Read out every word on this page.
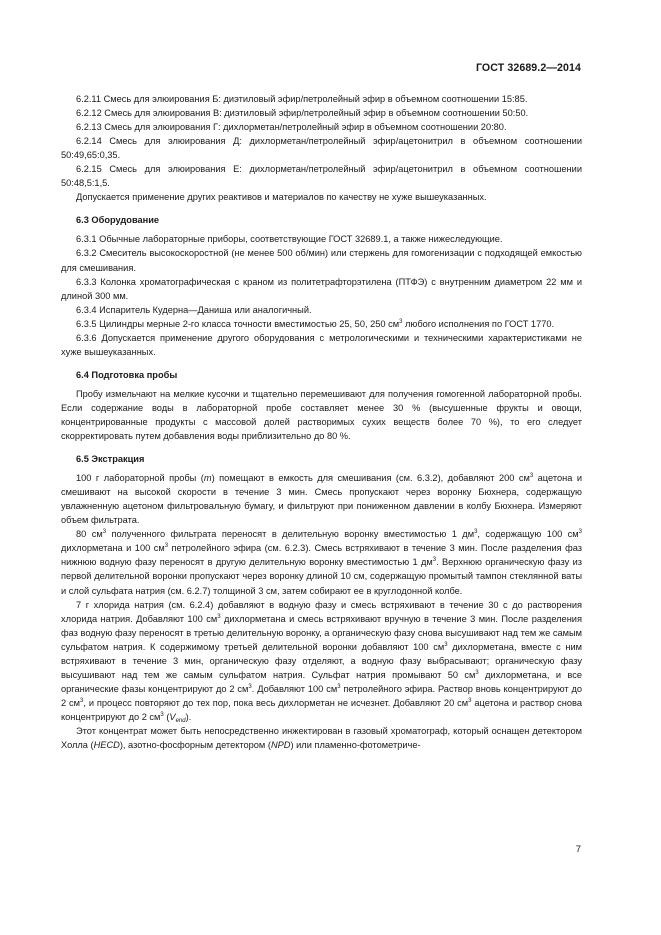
ГОСТ 32689.2—2014

6.2.11 Смесь для элюирования Б: диэтиловый эфир/петролейный эфир в объемном соотношении 15:85.

6.2.12 Смесь для элюирования В: диэтиловый эфир/петролейный эфир в объемном соотношении 50:50.

6.2.13 Смесь для элюирования Г: дихлорметан/петролейный эфир в объемном соотношении 20:80.

6.2.14 Смесь для элюирования Д: дихлорметан/петролейный эфир/ацетонитрил в объемном соотношении 50:49,65:0,35.

6.2.15 Смесь для элюирования Е: дихлорметан/петролейный эфир/ацетонитрил в объемном соотношении 50:48,5:1,5.

Допускается применение других реактивов и материалов по качеству не хуже вышеуказанных.

6.3 Оборудование

6.3.1 Обычные лабораторные приборы, соответствующие ГОСТ 32689.1, а также нижеследующие.

6.3.2 Смеситель высокоскоростной (не менее 500 об/мин) или стержень для гомогенизации с подходящей емкостью для смешивания.

6.3.3 Колонка хроматографическая с краном из политетрафторэтилена (ПТФЭ) с внутренним диаметром 22 мм и длиной 300 мм.

6.3.4 Испаритель Кудерна—Даниша или аналогичный.

6.3.5 Цилиндры мерные 2-го класса точности вместимостью 25, 50, 250 $см^3$ любого исполнения по ГОСТ 1770.

6.3.6 Допускается применение другого оборудования с метрологическими и техническими характеристиками не хуже вышеуказанных.

6.4 Подготовка пробы

Пробу измельчают на мелкие кусочки и тщательно перемешивают для получения гомогенной лабораторной пробы. Если содержание воды в лабораторной пробе составляет менее 30 % (высушенные фрукты и овощи, концентрированные продукты с массовой долей растворимых сухих веществ более 70 %), то его следует скорректировать путем добавления воды приблизительно до 80 %.

6.5 Экстракция

100 г лабораторной пробы (m) помещают в емкость для смешивания (см. 6.3.2), добавляют 200 $см^3$ ацетона и смешивают на высокой скорости в течение 3 мин. Смесь пропускают через воронку Бюхнера, содержащую увлажненную ацетоном фильтровальную бумагу, и фильтруют при пониженном давлении в колбу Бюхнера. Измеряют объем фильтрата.

80 $см^3$ полученного фильтрата переносят в делительную воронку вместимостью 1 $дм^3$, содержащую 100 $см^3$ дихлорметана и 100 $см^3$ петролейного эфира (см. 6.2.3). Смесь встряхивают в течение 3 мин. После разделения фаз нижнюю водную фазу переносят в другую делительную воронку вместимостью 1 $дм^3$. Верхнюю органическую фазу из первой делительной воронки пропускают через воронку длиной 10 см, содержащую промытый тампон стеклянной ваты и слой сульфата натрия (см. 6.2.7) толщиной 3 см, затем собирают ее в круглодонной колбе.

7 г хлорида натрия (см. 6.2.4) добавляют в водную фазу и смесь встряхивают в течение 30 с до растворения хлорида натрия. Добавляют 100 $см^3$ дихлорметана и смесь встряхивают вручную в течение 3 мин. После разделения фаз водную фазу переносят в третью делительную воронку, а органическую фазу снова высушивают над тем же самым сульфатом натрия. К содержимому третьей делительной воронки добавляют 100 $см^3$ дихлорметана, вместе с ним встряхивают в течение 3 мин, органическую фазу отделяют, а водную фазу выбрасывают; органическую фазу высушивают над тем же самым сульфатом натрия. Сульфат натрия промывают 50 $см^3$ дихлорметана, и все органические фазы концентрируют до 2 $см^3$. Добавляют 100 $см^3$ петролейного эфира. Раствор вновь концентрируют до 2 $см^3$, и процесс повторяют до тех пор, пока весь дихлорметан не исчезнет. Добавляют 20 $см^3$ ацетона и раствор снова концентрируют до 2 $см^3$ $(V_{end})$.

Этот концентрат может быть непосредственно инжектирован в газовый хроматограф, который оснащен детектором Холла (HECD), азотно-фосфорным детектором (NPD) или пламенно-фотометриче-

7
